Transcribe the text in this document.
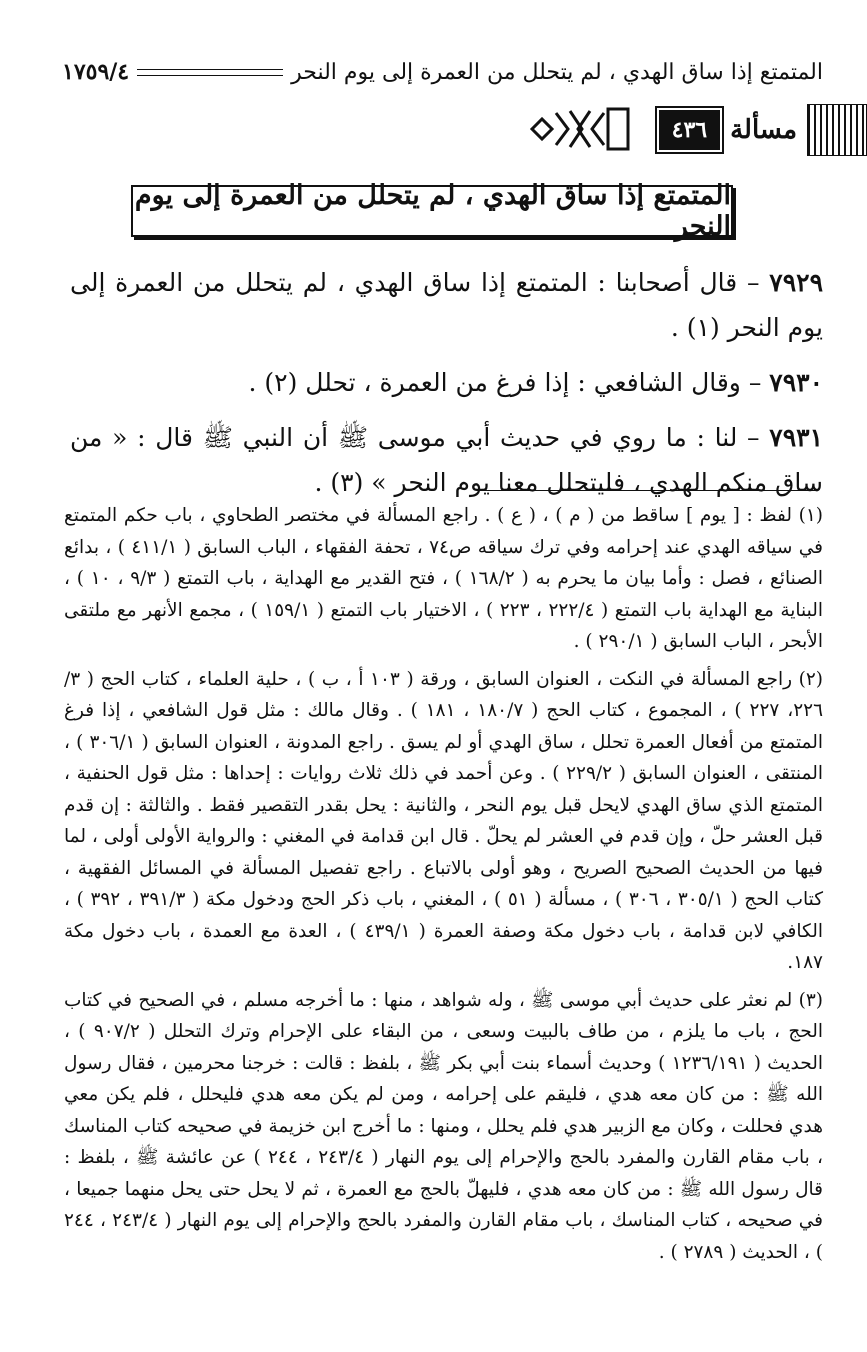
المتمتع إذا ساق الهدي ، لم يتحلل من العمرة إلى يوم النحر
١٧٥٩/٤
مسألة
٤٣٦
المتمتع إذا ساق الهدي ، لم يتحلل من العمرة إلى يوم النحر

٧٩٢٩ – قال أصحابنا : المتمتع إذا ساق الهدي ، لم يتحلل من العمرة إلى يوم النحر (١) .

٧٩٣٠ – وقال الشافعي : إذا فرغ من العمرة ، تحلل (٢) .

٧٩٣١ – لنا : ما روي في حديث أبي موسى ﷺ أن النبي ﷺ قال : « من ساق منكم الهدي ، فليتحلل معنا يوم النحر » (٣) .

(١) لفظ : [ يوم ] ساقط من ( م ) ، ( ع ) . راجع المسألة في مختصر الطحاوي ، باب حكم المتمتع في سياقه الهدي عند إحرامه وفي ترك سياقه ص٧٤ ، تحفة الفقهاء ، الباب السابق ( ٤١١/١ ) ، بدائع الصنائع ، فصل : وأما بيان ما يحرم به ( ١٦٨/٢ ) ، فتح القدير مع الهداية ، باب التمتع ( ٩/٣ ، ١٠ ) ، البناية مع الهداية باب التمتع ( ٢٢٢/٤ ، ٢٢٣ ) ، الاختيار باب التمتع ( ١٥٩/١ ) ، مجمع الأنهر مع ملتقى الأبحر ، الباب السابق ( ٢٩٠/١ ) .

(٢) راجع المسألة في النكت ، العنوان السابق ، ورقة ( ١٠٣ أ ، ب ) ، حلية العلماء ، كتاب الحج ( ٣/ ٢٢٦، ٢٢٧ ) ، المجموع ، كتاب الحج ( ١٨٠/٧ ، ١٨١ ) . وقال مالك : مثل قول الشافعي ، إذا فرغ المتمتع من أفعال العمرة تحلل ، ساق الهدي أو لم يسق . راجع المدونة ، العنوان السابق ( ٣٠٦/١ ) ، المنتقى ، العنوان السابق ( ٢٢٩/٢ ) . وعن أحمد في ذلك ثلاث روايات : إحداها : مثل قول الحنفية ، المتمتع الذي ساق الهدي لايحل قبل يوم النحر ، والثانية : يحل بقدر التقصير فقط . والثالثة : إن قدم قبل العشر حلّ ، وإن قدم في العشر لم يحلّ . قال ابن قدامة في المغني : والرواية الأولى أولى ، لما فيها من الحديث الصحيح الصريح ، وهو أولى بالاتباع . راجع تفصيل المسألة في المسائل الفقهية ، كتاب الحج ( ٣٠٥/١ ، ٣٠٦ ) ، مسألة ( ٥١ ) ، المغني ، باب ذكر الحج ودخول مكة ( ٣٩١/٣ ، ٣٩٢ ) ، الكافي لابن قدامة ، باب دخول مكة وصفة العمرة ( ٤٣٩/١ ) ، العدة مع العمدة ، باب دخول مكة ١٨٧.

(٣) لم نعثر على حديث أبي موسى ﷺ ، وله شواهد ، منها : ما أخرجه مسلم ، في الصحيح في كتاب الحج ، باب ما يلزم ، من طاف بالبيت وسعى ، من البقاء على الإحرام وترك التحلل ( ٩٠٧/٢ ) ، الحديث ( ١٢٣٦/١٩١ ) وحديث أسماء بنت أبي بكر ﷺ ، بلفظ : قالت : خرجنا محرمين ، فقال رسول الله ﷺ : من كان معه هدي ، فليقم على إحرامه ، ومن لم يكن معه هدي فليحلل ، فلم يكن معي هدي فحللت ، وكان مع الزبير هدي فلم يحلل ، ومنها : ما أخرج ابن خزيمة في صحيحه كتاب المناسك ، باب مقام القارن والمفرد بالحج والإحرام إلى يوم النهار ( ٢٤٣/٤ ، ٢٤٤ ) عن عائشة ﷺ ، بلفظ : قال رسول الله ﷺ : من كان معه هدي ، فليهلّ بالحج مع العمرة ، ثم لا يحل حتى يحل منهما جميعا ، في صحيحه ، كتاب المناسك ، باب مقام القارن والمفرد بالحج والإحرام إلى يوم النهار ( ٢٤٣/٤ ، ٢٤٤ ) ، الحديث ( ٢٧٨٩ ) .
